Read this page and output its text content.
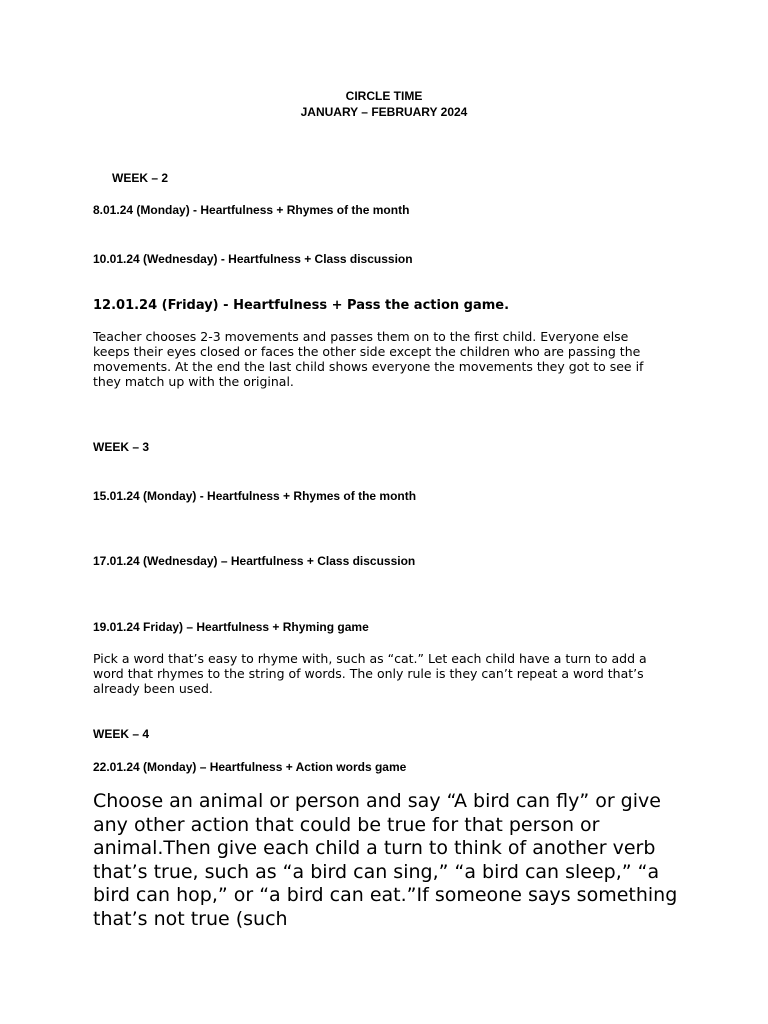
CIRCLE TIME
JANUARY – FEBRUARY 2024
WEEK – 2
8.01.24 (Monday) - Heartfulness + Rhymes of the month
10.01.24 (Wednesday) - Heartfulness + Class discussion
12.01.24 (Friday) - Heartfulness + Pass the action game.

Teacher chooses 2-3 movements and passes them on to the first child. Everyone else keeps their eyes closed or faces the other side except the children who are passing the movements. At the end the last child shows everyone the movements they got to see if they match up with the original.

WEEK – 3
15.01.24 (Monday) - Heartfulness + Rhymes of the month
17.01.24 (Wednesday) – Heartfulness + Class discussion
19.01.24 Friday) – Heartfulness + Rhyming game

Pick a word that’s easy to rhyme with, such as “cat.” Let each child have a turn to add a word that rhymes to the string of words. The only rule is they can’t repeat a word that’s already been used.

WEEK – 4
22.01.24 (Monday) – Heartfulness + Action words game

Choose an animal or person and say “A bird can fly” or give any other action that could be true for that person or animal.Then give each child a turn to think of another verb that’s true, such as “a bird can sing,” “a bird can sleep,” “a bird can hop,” or “a bird can eat.”If someone says something that’s not true (such
